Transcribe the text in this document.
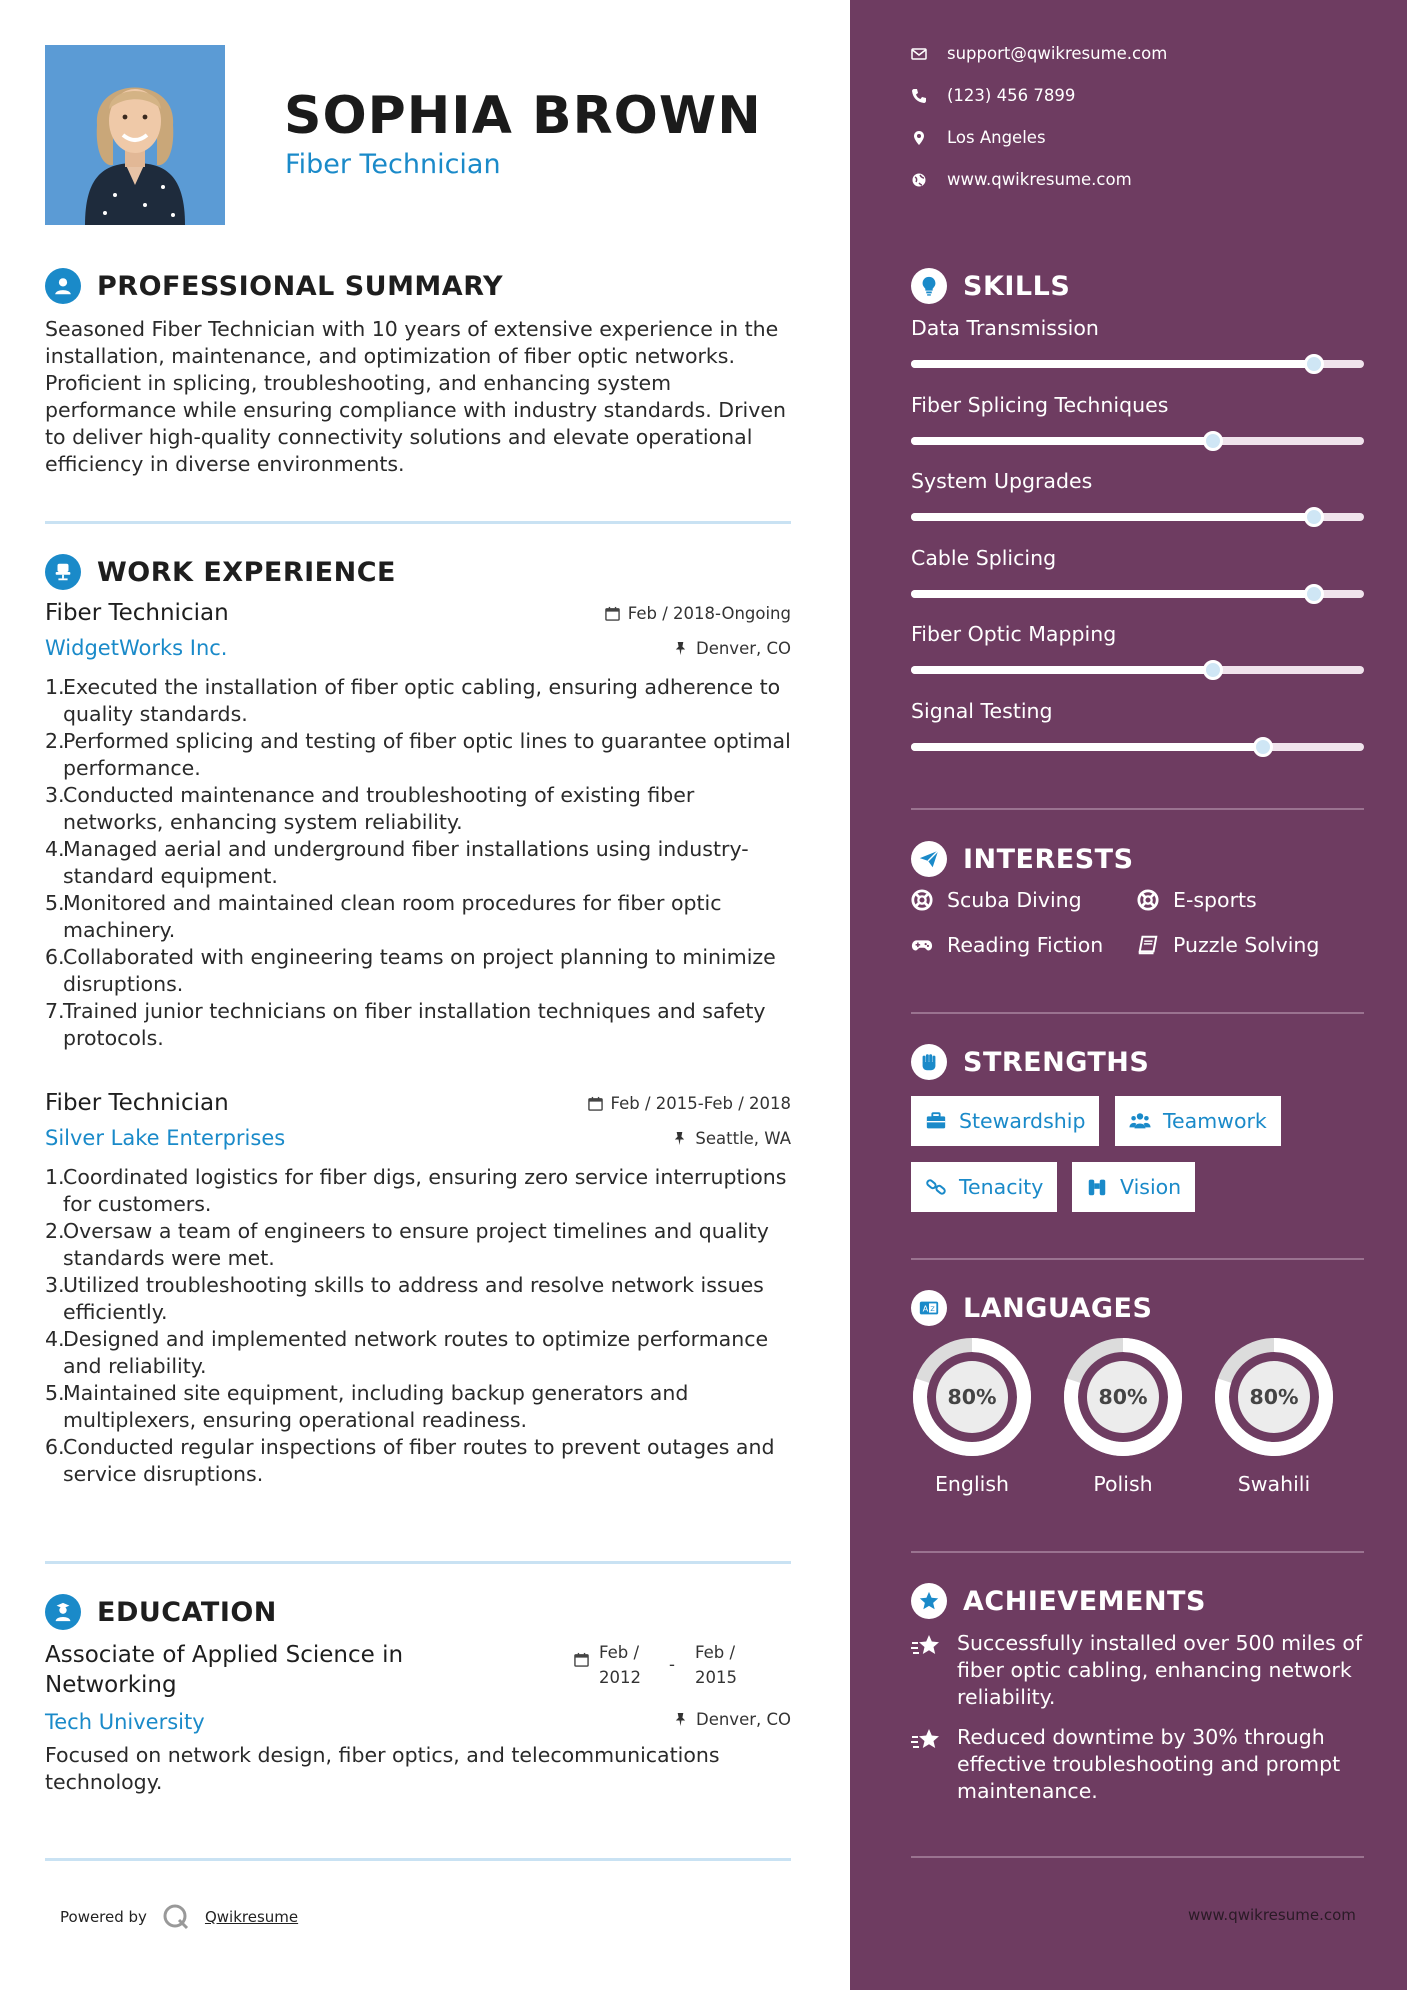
SOPHIA BROWN
Fiber Technician
PROFESSIONAL SUMMARY
Seasoned Fiber Technician with 10 years of extensive experience in the installation, maintenance, and optimization of fiber optic networks. Proficient in splicing, troubleshooting, and enhancing system performance while ensuring compliance with industry standards. Driven to deliver high-quality connectivity solutions and elevate operational efficiency in diverse environments.
WORK EXPERIENCE
Fiber Technician	Feb / 2018-Ongoing
WidgetWorks Inc.	Denver, CO
Executed the installation of fiber optic cabling, ensuring adherence to quality standards.
Performed splicing and testing of fiber optic lines to guarantee optimal performance.
Conducted maintenance and troubleshooting of existing fiber networks, enhancing system reliability.
Managed aerial and underground fiber installations using industry-standard equipment.
Monitored and maintained clean room procedures for fiber optic machinery.
Collaborated with engineering teams on project planning to minimize disruptions.
Trained junior technicians on fiber installation techniques and safety protocols.
Fiber Technician	Feb / 2015-Feb / 2018
Silver Lake Enterprises	Seattle, WA
Coordinated logistics for fiber digs, ensuring zero service interruptions for customers.
Oversaw a team of engineers to ensure project timelines and quality standards were met.
Utilized troubleshooting skills to address and resolve network issues efficiently.
Designed and implemented network routes to optimize performance and reliability.
Maintained site equipment, including backup generators and multiplexers, ensuring operational readiness.
Conducted regular inspections of fiber routes to prevent outages and service disruptions.
EDUCATION
Associate of Applied Science in Networking
Feb / 2012
-
Feb / 2015
Tech University	Denver, CO
Focused on network design, fiber optics, and telecommunications technology.
Powered by	Qwikresume
support@qwikresume.com
(123) 456 7899
Los Angeles
www.qwikresume.com
SKILLS
Data Transmission
Fiber Splicing Techniques
System Upgrades
Cable Splicing
Fiber Optic Mapping
Signal Testing
INTERESTS
Scuba Diving	E-sports
Reading Fiction	Puzzle Solving
STRENGTHS
Stewardship	Teamwork
Tenacity	Vision
A Z LANGUAGES
80%
English
80%
Polish
80%
Swahili
ACHIEVEMENTS
Successfully installed over 500 miles of fiber optic cabling, enhancing network reliability.
Reduced downtime by 30% through effective troubleshooting and prompt maintenance.
www.qwikresume.com
